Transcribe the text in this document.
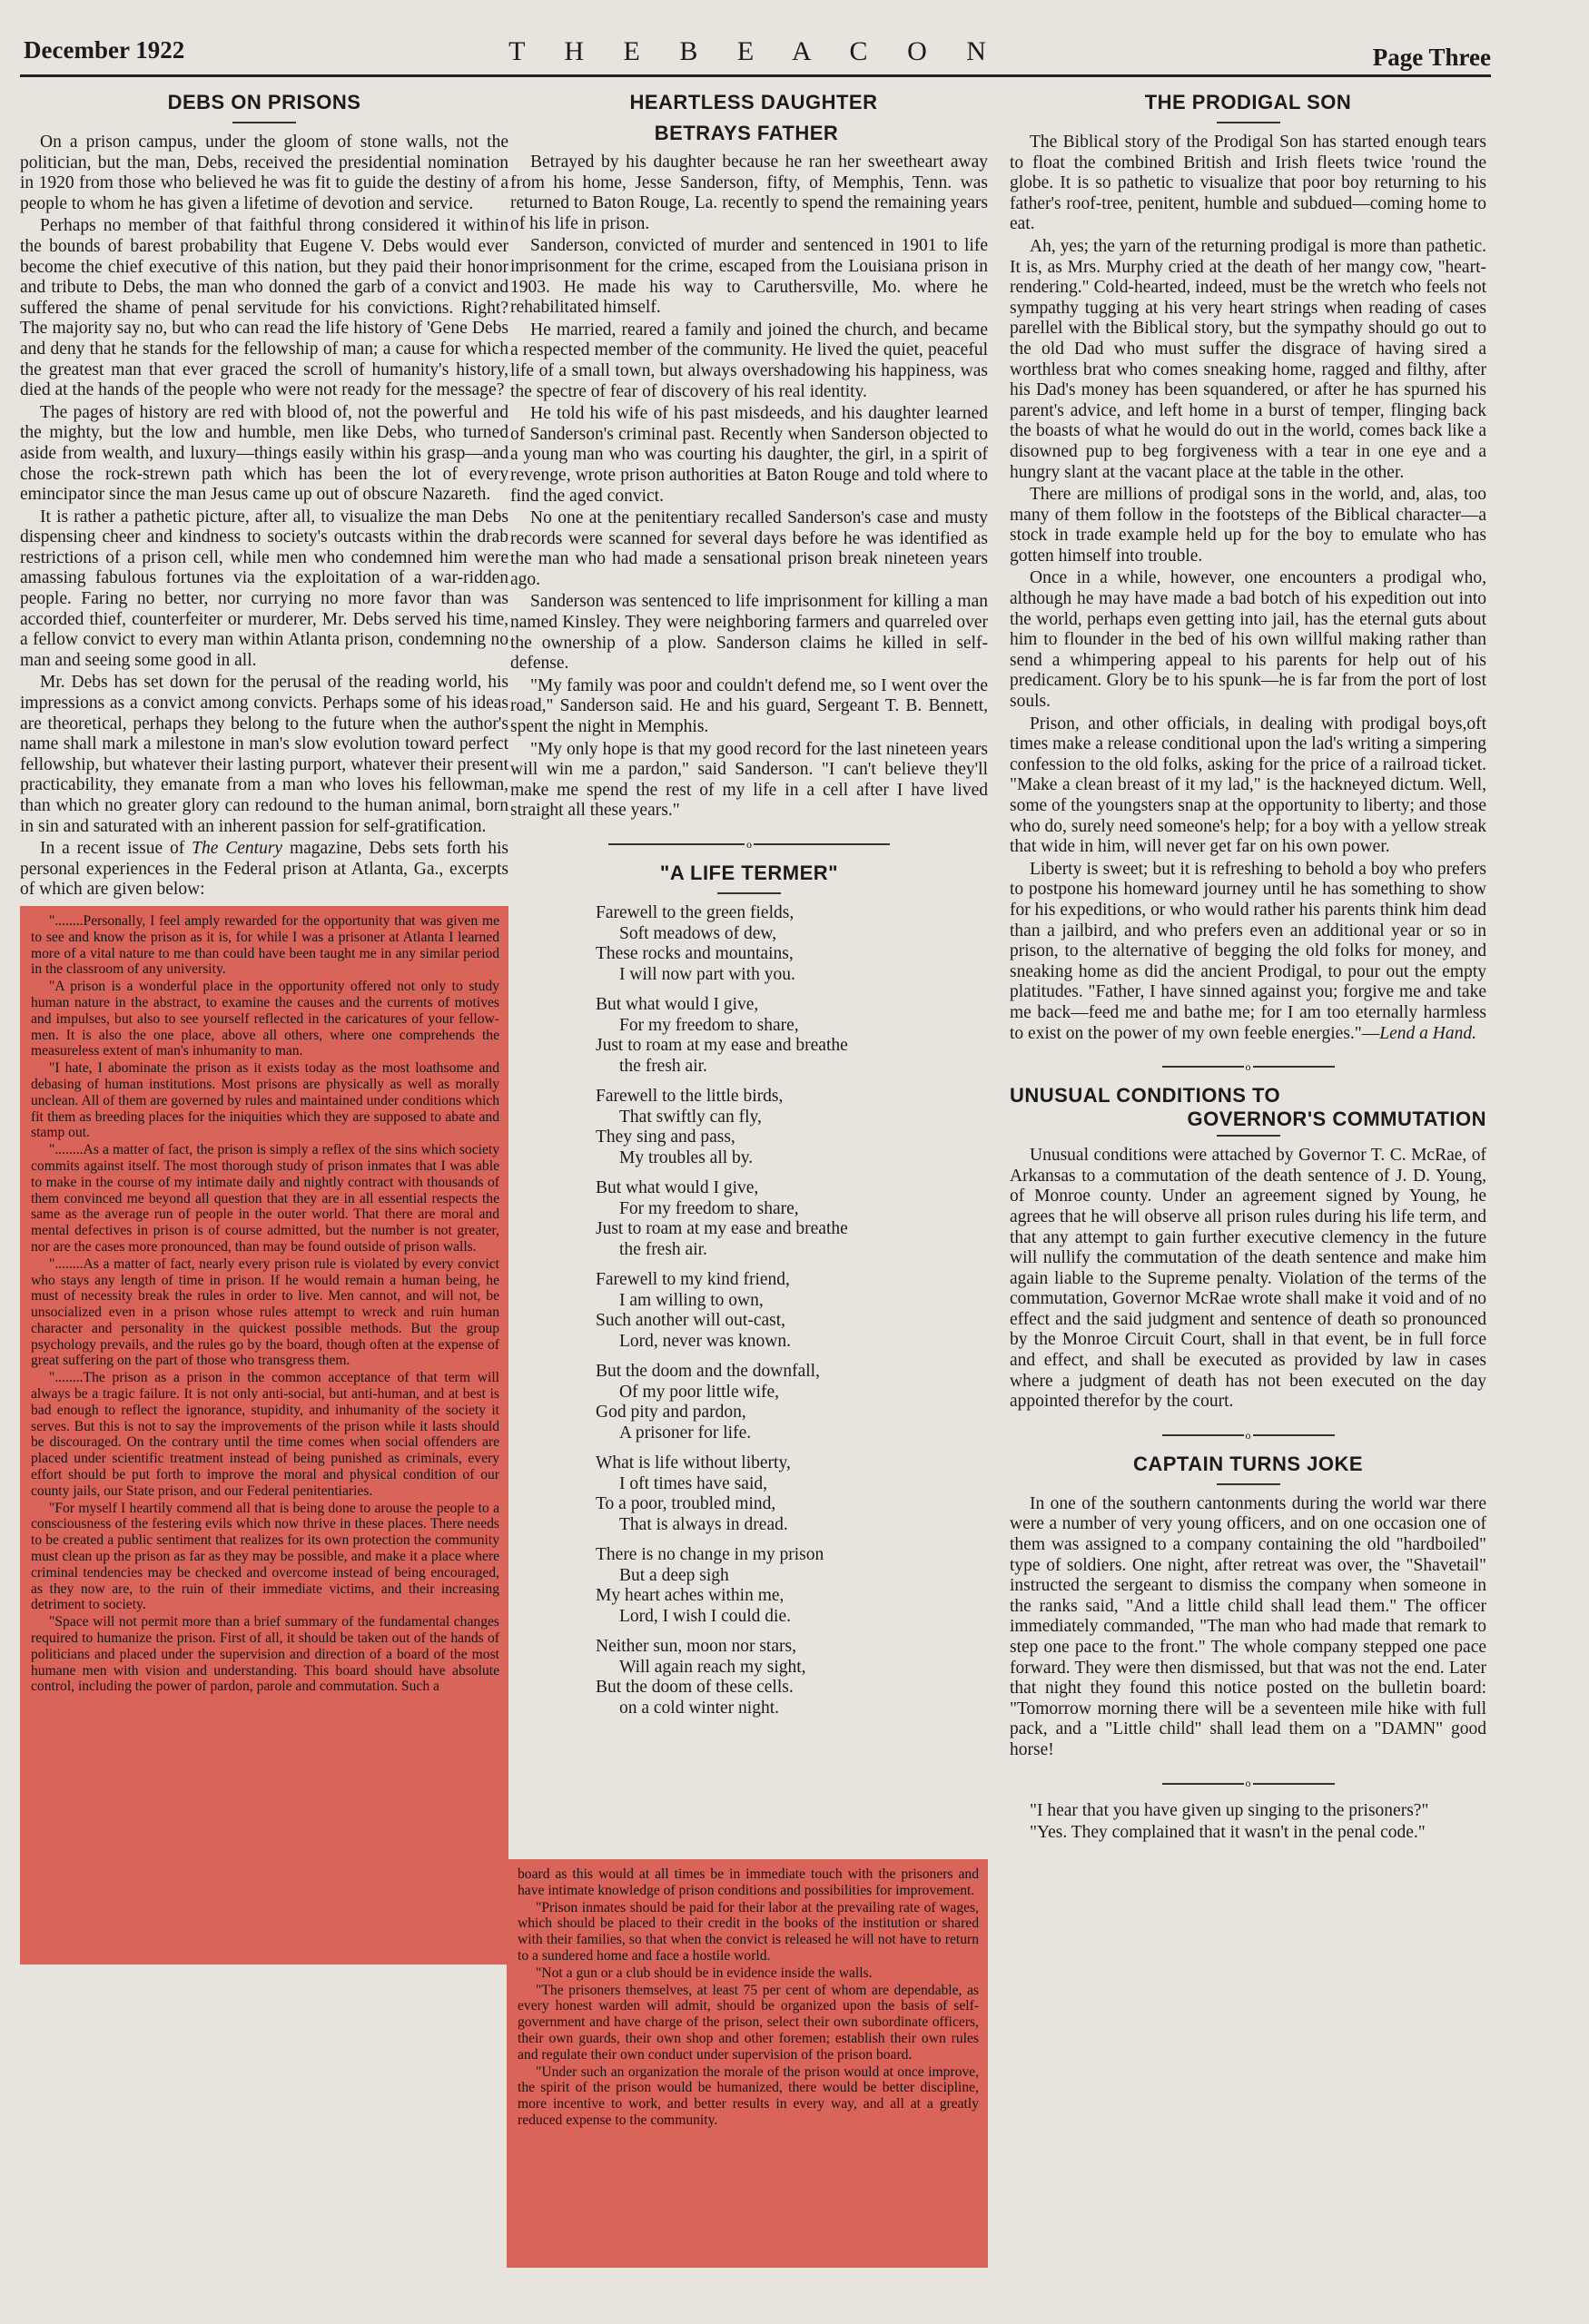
December 1922	T H E B E A C O N	Page Three
DEBS ON PRISONS

On a prison campus, under the gloom of stone walls, not the politician, but the man, Debs, received the presidential nomination in 1920 from those who believed he was fit to guide the destiny of a people to whom he has given a lifetime of devotion and service.

Perhaps no member of that faithful throng considered it within the bounds of barest probability that Eugene V. Debs would ever become the chief executive of this nation, but they paid their honor and tribute to Debs, the man who donned the garb of a convict and suffered the shame of penal servitude for his convictions. Right? The majority say no, but who can read the life history of 'Gene Debs and deny that he stands for the fellowship of man; a cause for which the greatest man that ever graced the scroll of humanity's history, died at the hands of the people who were not ready for the message?

The pages of history are red with blood of, not the powerful and the mighty, but the low and humble, men like Debs, who turned aside from wealth, and luxury—things easily within his grasp—and chose the rock-strewn path which has been the lot of every emincipator since the man Jesus came up out of obscure Nazareth.

It is rather a pathetic picture, after all, to visualize the man Debs dispensing cheer and kindness to society's outcasts within the drab restrictions of a prison cell, while men who condemned him were amassing fabulous fortunes via the exploitation of a war-ridden people. Faring no better, nor currying no more favor than was accorded thief, counterfeiter or murderer, Mr. Debs served his time, a fellow convict to every man within Atlanta prison, condemning no man and seeing some good in all.

Mr. Debs has set down for the perusal of the reading world, his impressions as a convict among convicts. Perhaps some of his ideas are theoretical, perhaps they belong to the future when the author's name shall mark a milestone in man's slow evolution toward perfect fellowship, but whatever their lasting purport, whatever their present practicability, they emanate from a man who loves his fellowman, than which no greater glory can redound to the human animal, born in sin and saturated with an inherent passion for self-gratification.

In a recent issue of The Century magazine, Debs sets forth his personal experiences in the Federal prison at Atlanta, Ga., excerpts of which are given below:

"........Personally, I feel amply rewarded for the opportunity that was given me to see and know the prison as it is, for while I was a prisoner at Atlanta I learned more of a vital nature to me than could have been taught me in any similar period in the classroom of any university.

"A prison is a wonderful place in the opportunity offered not only to study human nature in the abstract, to examine the causes and the currents of motives and impulses, but also to see yourself reflected in the caricatures of your fellow-men. It is also the one place, above all others, where one comprehends the measureless extent of man's inhumanity to man.

"I hate, I abominate the prison as it exists today as the most loathsome and debasing of human institutions. Most prisons are physically as well as morally unclean. All of them are governed by rules and maintained under conditions which fit them as breeding places for the iniquities which they are supposed to abate and stamp out.

"........As a matter of fact, the prison is simply a reflex of the sins which society commits against itself. The most thorough study of prison inmates that I was able to make in the course of my intimate daily and nightly contract with thousands of them convinced me beyond all question that they are in all essential respects the same as the average run of people in the outer world. That there are moral and mental defectives in prison is of course admitted, but the number is not greater, nor are the cases more pronounced, than may be found outside of prison walls.

"........As a matter of fact, nearly every prison rule is violated by every convict who stays any length of time in prison. If he would remain a human being, he must of necessity break the rules in order to live. Men cannot, and will not, be unsocialized even in a prison whose rules attempt to wreck and ruin human character and personality in the quickest possible methods. But the group psychology prevails, and the rules go by the board, though often at the expense of great suffering on the part of those who transgress them.

"........The prison as a prison in the common acceptance of that term will always be a tragic failure. It is not only anti-social, but anti-human, and at best is bad enough to reflect the ignorance, stupidity, and inhumanity of the society it serves. But this is not to say the improvements of the prison while it lasts should be discouraged. On the contrary until the time comes when social offenders are placed under scientific treatment instead of being punished as criminals, every effort should be put forth to improve the moral and physical condition of our county jails, our State prison, and our Federal penitentiaries.

"For myself I heartily commend all that is being done to arouse the people to a consciousness of the festering evils which now thrive in these places. There needs to be created a public sentiment that realizes for its own protection the community must clean up the prison as far as they may be possible, and make it a place where criminal tendencies may be checked and overcome instead of being encouraged, as they now are, to the ruin of their immediate victims, and their increasing detriment to society.

"Space will not permit more than a brief summary of the fundamental changes required to humanize the prison. First of all, it should be taken out of the hands of politicians and placed under the supervision and direction of a board of the most humane men with vision and understanding. This board should have absolute control, including the power of pardon, parole and commutation. Such a

HEARTLESS DAUGHTER
BETRAYS FATHER

Betrayed by his daughter because he ran her sweetheart away from his home, Jesse Sanderson, fifty, of Memphis, Tenn. was returned to Baton Rouge, La. recently to spend the remaining years of his life in prison.

Sanderson, convicted of murder and sentenced in 1901 to life imprisonment for the crime, escaped from the Louisiana prison in 1903. He made his way to Caruthersville, Mo. where he rehabilitated himself.

He married, reared a family and joined the church, and became a respected member of the community. He lived the quiet, peaceful life of a small town, but always overshadowing his happiness, was the spectre of fear of discovery of his real identity.

He told his wife of his past misdeeds, and his daughter learned of Sanderson's criminal past. Recently when Sanderson objected to a young man who was courting his daughter, the girl, in a spirit of revenge, wrote prison authorities at Baton Rouge and told where to find the aged convict.

No one at the penitentiary recalled Sanderson's case and musty records were scanned for several days before he was identified as the man who had made a sensational prison break nineteen years ago.

Sanderson was sentenced to life imprisonment for killing a man named Kinsley. They were neighboring farmers and quarreled over the ownership of a plow. Sanderson claims he killed in self-defense.

"My family was poor and couldn't defend me, so I went over the road," Sanderson said. He and his guard, Sergeant T. B. Bennett, spent the night in Memphis.

"My only hope is that my good record for the last nineteen years will win me a pardon," said Sanderson. "I can't believe they'll make me spend the rest of my life in a cell after I have lived straight all these years."

o
"A LIFE TERMER"
Farewell to the green fields,
Soft meadows of dew,
These rocks and mountains,
I will now part with you.
But what would I give,
For my freedom to share,
Just to roam at my ease and breathe
the fresh air.
Farewell to the little birds,
That swiftly can fly,
They sing and pass,
My troubles all by.
But what would I give,
For my freedom to share,
Just to roam at my ease and breathe
the fresh air.
Farewell to my kind friend,
I am willing to own,
Such another will out-cast,
Lord, never was known.
But the doom and the downfall,
Of my poor little wife,
God pity and pardon,
A prisoner for life.
What is life without liberty,
I oft times have said,
To a poor, troubled mind,
That is always in dread.
There is no change in my prison
But a deep sigh
My heart aches within me,
Lord, I wish I could die.
Neither sun, moon nor stars,
Will again reach my sight,
But the doom of these cells.
on a cold winter night.

board as this would at all times be in immediate touch with the prisoners and have intimate knowledge of prison conditions and possibilities for improvement.

"Prison inmates should be paid for their labor at the prevailing rate of wages, which should be placed to their credit in the books of the institution or shared with their families, so that when the convict is released he will not have to return to a sundered home and face a hostile world.

"Not a gun or a club should be in evidence inside the walls.

"The prisoners themselves, at least 75 per cent of whom are dependable, as every honest warden will admit, should be organized upon the basis of self-government and have charge of the prison, select their own subordinate officers, their own guards, their own shop and other foremen; establish their own rules and regulate their own conduct under supervision of the prison board.

"Under such an organization the morale of the prison would at once improve, the spirit of the prison would be humanized, there would be better discipline, more incentive to work, and better results in every way, and all at a greatly reduced expense to the community.

THE PRODIGAL SON

The Biblical story of the Prodigal Son has started enough tears to float the combined British and Irish fleets twice 'round the globe. It is so pathetic to visualize that poor boy returning to his father's roof-tree, penitent, humble and subdued—coming home to eat.

Ah, yes; the yarn of the returning prodigal is more than pathetic. It is, as Mrs. Murphy cried at the death of her mangy cow, "heart-rendering." Cold-hearted, indeed, must be the wretch who feels not sympathy tugging at his very heart strings when reading of cases parellel with the Biblical story, but the sympathy should go out to the old Dad who must suffer the disgrace of having sired a worthless brat who comes sneaking home, ragged and filthy, after his Dad's money has been squandered, or after he has spurned his parent's advice, and left home in a burst of temper, flinging back the boasts of what he would do out in the world, comes back like a disowned pup to beg forgiveness with a tear in one eye and a hungry slant at the vacant place at the table in the other.

There are millions of prodigal sons in the world, and, alas, too many of them follow in the footsteps of the Biblical character—a stock in trade example held up for the boy to emulate who has gotten himself into trouble.

Once in a while, however, one encounters a prodigal who, although he may have made a bad botch of his expedition out into the world, perhaps even getting into jail, has the eternal guts about him to flounder in the bed of his own willful making rather than send a whimpering appeal to his parents for help out of his predicament. Glory be to his spunk—he is far from the port of lost souls.

Prison, and other officials, in dealing with prodigal boys,oft times make a release conditional upon the lad's writing a simpering confession to the old folks, asking for the price of a railroad ticket. "Make a clean breast of it my lad," is the hackneyed dictum. Well, some of the youngsters snap at the opportunity to liberty; and those who do, surely need someone's help; for a boy with a yellow streak that wide in him, will never get far on his own power.

Liberty is sweet; but it is refreshing to behold a boy who prefers to postpone his homeward journey until he has something to show for his expeditions, or who would rather his parents think him dead than a jailbird, and who prefers even an additional year or so in prison, to the alternative of begging the old folks for money, and sneaking home as did the ancient Prodigal, to pour out the empty platitudes. "Father, I have sinned against you; forgive me and take me back—feed me and bathe me; for I am too eternally harmless to exist on the power of my own feeble energies."—Lend a Hand.

o
UNUSUAL CONDITIONS TO
GOVERNOR'S COMMUTATION

Unusual conditions were attached by Governor T. C. McRae, of Arkansas to a commutation of the death sentence of J. D. Young, of Monroe county. Under an agreement signed by Young, he agrees that he will observe all prison rules during his life term, and that any attempt to gain further executive clemency in the future will nullify the commutation of the death sentence and make him again liable to the Supreme penalty. Violation of the terms of the commutation, Governor McRae wrote shall make it void and of no effect and the said judgment and sentence of death so pronounced by the Monroe Circuit Court, shall in that event, be in full force and effect, and shall be executed as provided by law in cases where a judgment of death has not been executed on the day appointed therefor by the court.

o
CAPTAIN TURNS JOKE

In one of the southern cantonments during the world war there were a number of very young officers, and on one occasion one of them was assigned to a company containing the old "hardboiled" type of soldiers. One night, after retreat was over, the "Shavetail" instructed the sergeant to dismiss the company when someone in the ranks said, "And a little child shall lead them." The officer immediately commanded, "The man who had made that remark to step one pace to the front." The whole company stepped one pace forward. They were then dismissed, but that was not the end. Later that night they found this notice posted on the bulletin board: "Tomorrow morning there will be a seventeen mile hike with full pack, and a "Little child" shall lead them on a "DAMN" good horse!

o

"I hear that you have given up singing to the prisoners?"

"Yes. They complained that it wasn't in the penal code."
